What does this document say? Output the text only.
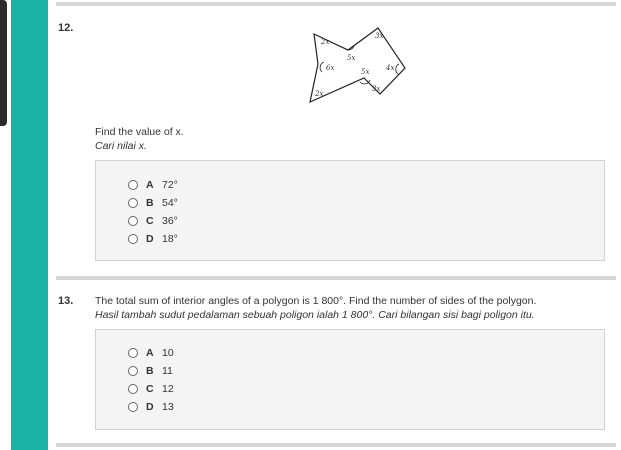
12.
2x
5x
3x
6x	5x 4x
2x
3x
Find the value of x.
Cari nilai x.
A 72°
B 54°
C 36°
D 18°
13. The total sum of interior angles of a polygon is 1 800°. Find the number of sides of the polygon.
Hasil tambah sudut pedalaman sebuah poligon ialah 1 800°. Cari bilangan sisi bagi poligon itu.
A 10
B 11
C 12
D 13
